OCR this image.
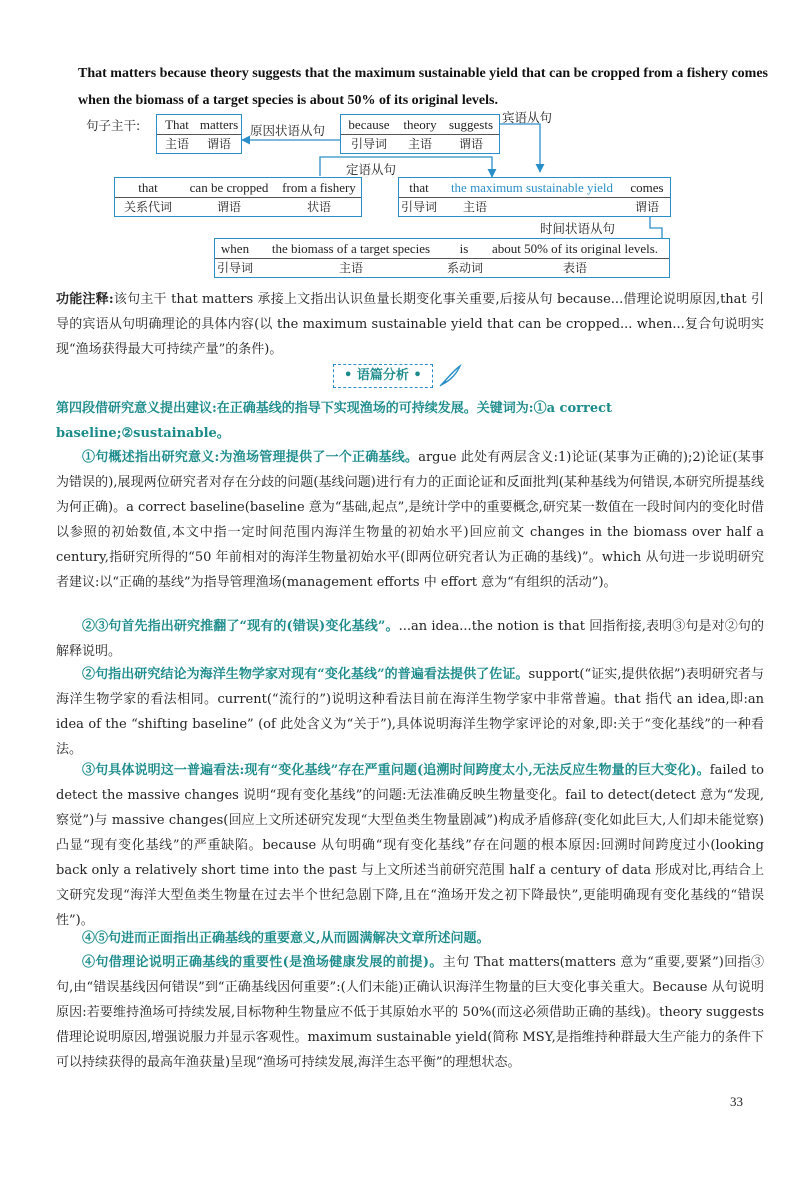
That matters because theory suggests that the maximum sustainable yield that can be cropped from a fishery comes when the biomass of a target species is about 50% of its original levels.
句子主干:	That matters
主语	谓语
原因状语从句	because	theory suggests
引导词	主语	谓语
宾语从句
定语从句
that	can be cropped	from a fishery
关系代词	谓语	状语
that	the maximum sustainable yield	comes
引导词	主语	谓语
时间状语从句
when	the biomass of a target species	is	about 50% of its original levels.
引导词	主语	系动词	表语
功能注释:该句主干 that matters 承接上文指出认识鱼量长期变化事关重要,后接从句 because...借理论说明原因,that 引导的宾语从句明确理论的具体内容(以 the maximum sustainable yield that can be cropped... when...复合句说明实现“渔场获得最大可持续产量”的条件)。
• 语篇分析 •
第四段借研究意义提出建议:在正确基线的指导下实现渔场的可持续发展。关键词为:①a correct baseline;②sustainable。
①句概述指出研究意义:为渔场管理提供了一个正确基线。argue 此处有两层含义:1)论证(某事为正确的);2)论证(某事为错误的),展现两位研究者对存在分歧的问题(基线问题)进行有力的正面论证和反面批判(某种基线为何错误,本研究所提基线为何正确)。a correct baseline(baseline 意为“基础,起点”,是统计学中的重要概念,研究某一数值在一段时间内的变化时借以参照的初始数值,本文中指一定时间范围内海洋生物量的初始水平)回应前文 changes in the biomass over half a century,指研究所得的“50 年前相对的海洋生物量初始水平(即两位研究者认为正确的基线)”。which 从句进一步说明研究者建议:以“正确的基线”为指导管理渔场(management efforts 中 effort 意为“有组织的活动”)。
②③句首先指出研究推翻了“现有的(错误)变化基线”。...an idea...the notion is that 回指衔接,表明③句是对②句的解释说明。
②句指出研究结论为海洋生物学家对现有“变化基线”的普遍看法提供了佐证。support(“证实,提供依据”)表明研究者与海洋生物学家的看法相同。current(“流行的”)说明这种看法目前在海洋生物学家中非常普遍。that 指代 an idea,即:an idea of the “shifting baseline” (of 此处含义为“关于”),具体说明海洋生物学家评论的对象,即:关于“变化基线”的一种看法。
③句具体说明这一普遍看法:现有“变化基线”存在严重问题(追溯时间跨度太小,无法反应生物量的巨大变化)。failed to detect the massive changes 说明“现有变化基线”的问题:无法准确反映生物量变化。fail to detect(detect 意为“发现,察觉”)与 massive changes(回应上文所述研究发现“大型鱼类生物量剧减”)构成矛盾修辞(变化如此巨大,人们却未能觉察)凸显“现有变化基线”的严重缺陷。because 从句明确“现有变化基线”存在问题的根本原因:回溯时间跨度过小(looking back only a relatively short time into the past 与上文所述当前研究范围 half a century of data 形成对比,再结合上文研究发现“海洋大型鱼类生物量在过去半个世纪急剧下降,且在“渔场开发之初下降最快”,更能明确现有变化基线的“错误性”)。
④⑤句进而正面指出正确基线的重要意义,从而圆满解决文章所述问题。
④句借理论说明正确基线的重要性(是渔场健康发展的前提)。主句 That matters(matters 意为“重要,要紧”)回指③句,由“错误基线因何错误”到“正确基线因何重要”:(人们未能)正确认识海洋生物量的巨大变化事关重大。Because 从句说明原因:若要维持渔场可持续发展,目标物种生物量应不低于其原始水平的 50%(而这必须借助正确的基线)。theory suggests 借理论说明原因,增强说服力并显示客观性。maximum sustainable yield(简称 MSY,是指维持种群最大生产能力的条件下可以持续获得的最高年渔获量)呈现“渔场可持续发展,海洋生态平衡”的理想状态。
33
